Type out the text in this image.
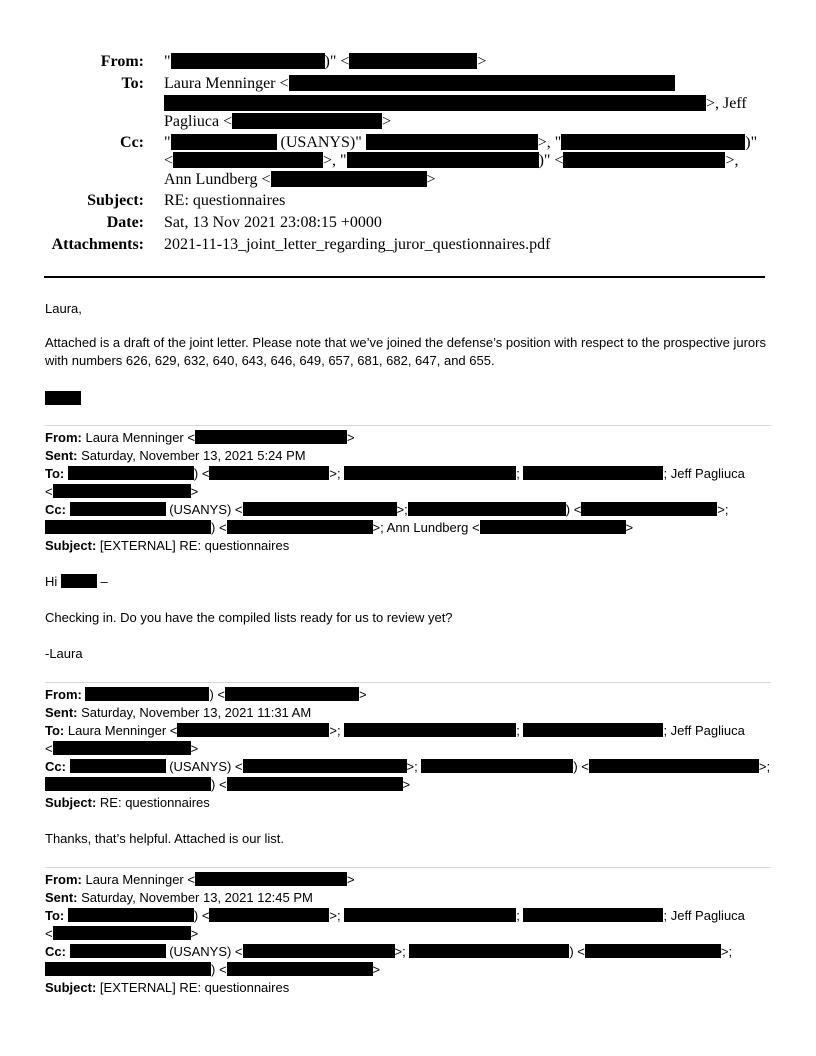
From: "	)" <	>
To: Laura Menninger <
>, Jeff
Pagliuca <	>
Cc: "	(USANYS)"	>, "	)"
<	>, "	)" <	>,
Ann Lundberg <	>
Subject: RE: questionnaires
Date: Sat, 13 Nov 2021 23:08:15 +0000
Attachments: 2021-11-13_joint_letter_regarding_juror_questionnaires.pdf
Laura,
Attached is a draft of the joint letter. Please note that we’ve joined the defense’s position with respect to the prospective jurors with numbers 626, 629, 632, 640, 643, 646, 649, 657, 681, 682, 647, and 655.
From: Laura Menninger <	>
Sent: Saturday, November 13, 2021 5:24 PM
To:	) <	>;	;	; Jeff Pagliuca
<	>
Cc:	(USANYS) <	>;	) <	>;
) <	>; Ann Lundberg <	>
Subject: [EXTERNAL] RE: questionnaires
Hi	–
Checking in. Do you have the compiled lists ready for us to review yet?
-Laura
From:	) <	>
Sent: Saturday, November 13, 2021 11:31 AM
To: Laura Menninger <	>;	;	; Jeff Pagliuca
<	>
Cc:	(USANYS) <	>;	) <	>;
) <	>
Subject: RE: questionnaires
Thanks, that’s helpful. Attached is our list.
From: Laura Menninger <	>
Sent: Saturday, November 13, 2021 12:45 PM
To:	) <	>;	;	; Jeff Pagliuca
<	>
Cc:	(USANYS) <	>;	) <	>;
) <	>
Subject: [EXTERNAL] RE: questionnaires
